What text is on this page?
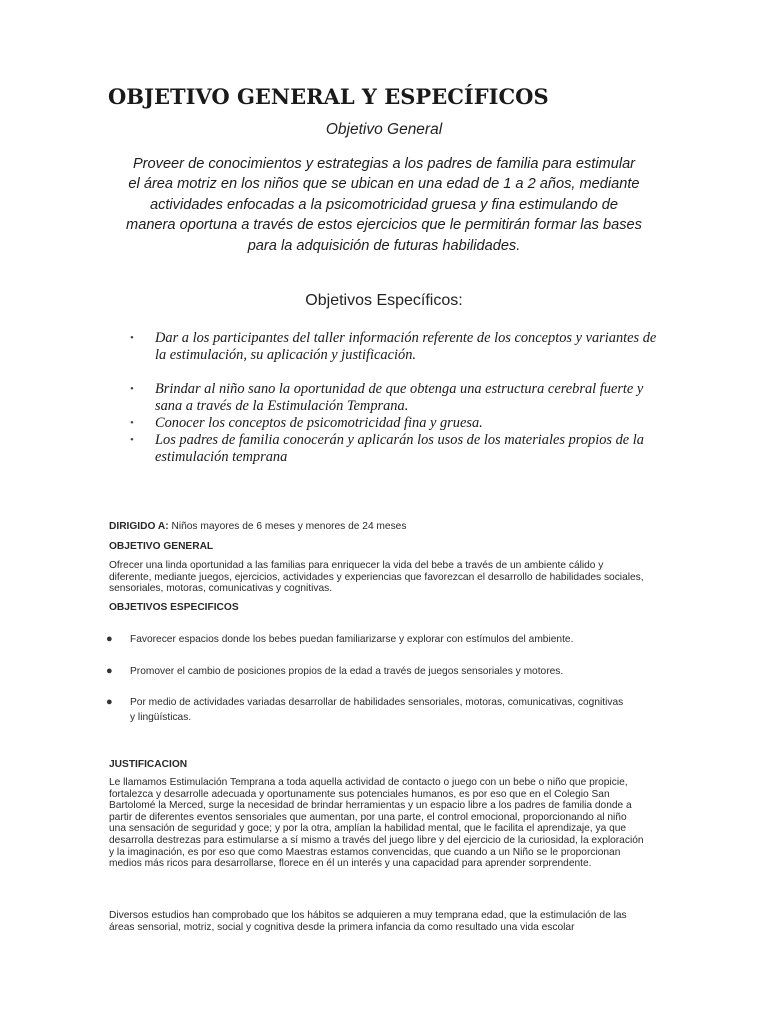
OBJETIVO GENERAL Y ESPECÍFICOS
Objetivo General
Proveer de conocimientos y estrategias a los padres de familia para estimular
el área motriz en los niños que se ubican en una edad de 1 a 2 años, mediante
actividades enfocadas a la psicomotricidad gruesa y fina estimulando de
manera oportuna a través de estos ejercicios que le permitirán formar las bases
para la adquisición de futuras habilidades.
Objetivos Específicos:
• Dar a los participantes del taller información referente de los conceptos y variantes de la estimulación, su aplicación y justificación.
• Brindar al niño sano la oportunidad de que obtenga una estructura cerebral fuerte y sana a través de la Estimulación Temprana.
• Conocer los conceptos de psicomotricidad fina y gruesa.
• Los padres de familia conocerán y aplicarán los usos de los materiales propios de la estimulación temprana
DIRIGIDO A: Niños mayores de 6 meses y menores de 24 meses
OBJETIVO GENERAL
Ofrecer una linda oportunidad a las familias para enriquecer la vida del bebe a través de un ambiente cálido y diferente, mediante juegos, ejercicios, actividades y experiencias que favorezcan el desarrollo de habilidades sociales, sensoriales, motoras, comunicativas y cognitivas.
OBJETIVOS ESPECIFICOS
● Favorecer espacios donde los bebes puedan familiarizarse y explorar con estímulos del ambiente.
● Promover el cambio de posiciones propios de la edad a través de juegos sensoriales y motores.
● Por medio de actividades variadas desarrollar de habilidades sensoriales, motoras, comunicativas, cognitivas y lingüísticas.
JUSTIFICACION
Le llamamos Estimulación Temprana a toda aquella actividad de contacto o juego con un bebe o niño que propicie, fortalezca y desarrolle adecuada y oportunamente sus potenciales humanos, es por eso que en el Colegio San Bartolomé la Merced, surge la necesidad de brindar herramientas y un espacio libre a los padres de familia donde a partir de diferentes eventos sensoriales que aumentan, por una parte, el control emocional, proporcionando al niño una sensación de seguridad y goce; y por la otra, amplían la habilidad mental, que le facilita el aprendizaje, ya que desarrolla destrezas para estimularse a sí mismo a través del juego libre y del ejercicio de la curiosidad, la exploración y la imaginación, es por eso que como Maestras estamos convencidas, que cuando a un Niño se le proporcionan medios más ricos para desarrollarse, florece en él un interés y una capacidad para aprender sorprendente.
Diversos estudios han comprobado que los hábitos se adquieren a muy temprana edad, que la estimulación de las áreas sensorial, motriz, social y cognitiva desde la primera infancia da como resultado una vida escolar
